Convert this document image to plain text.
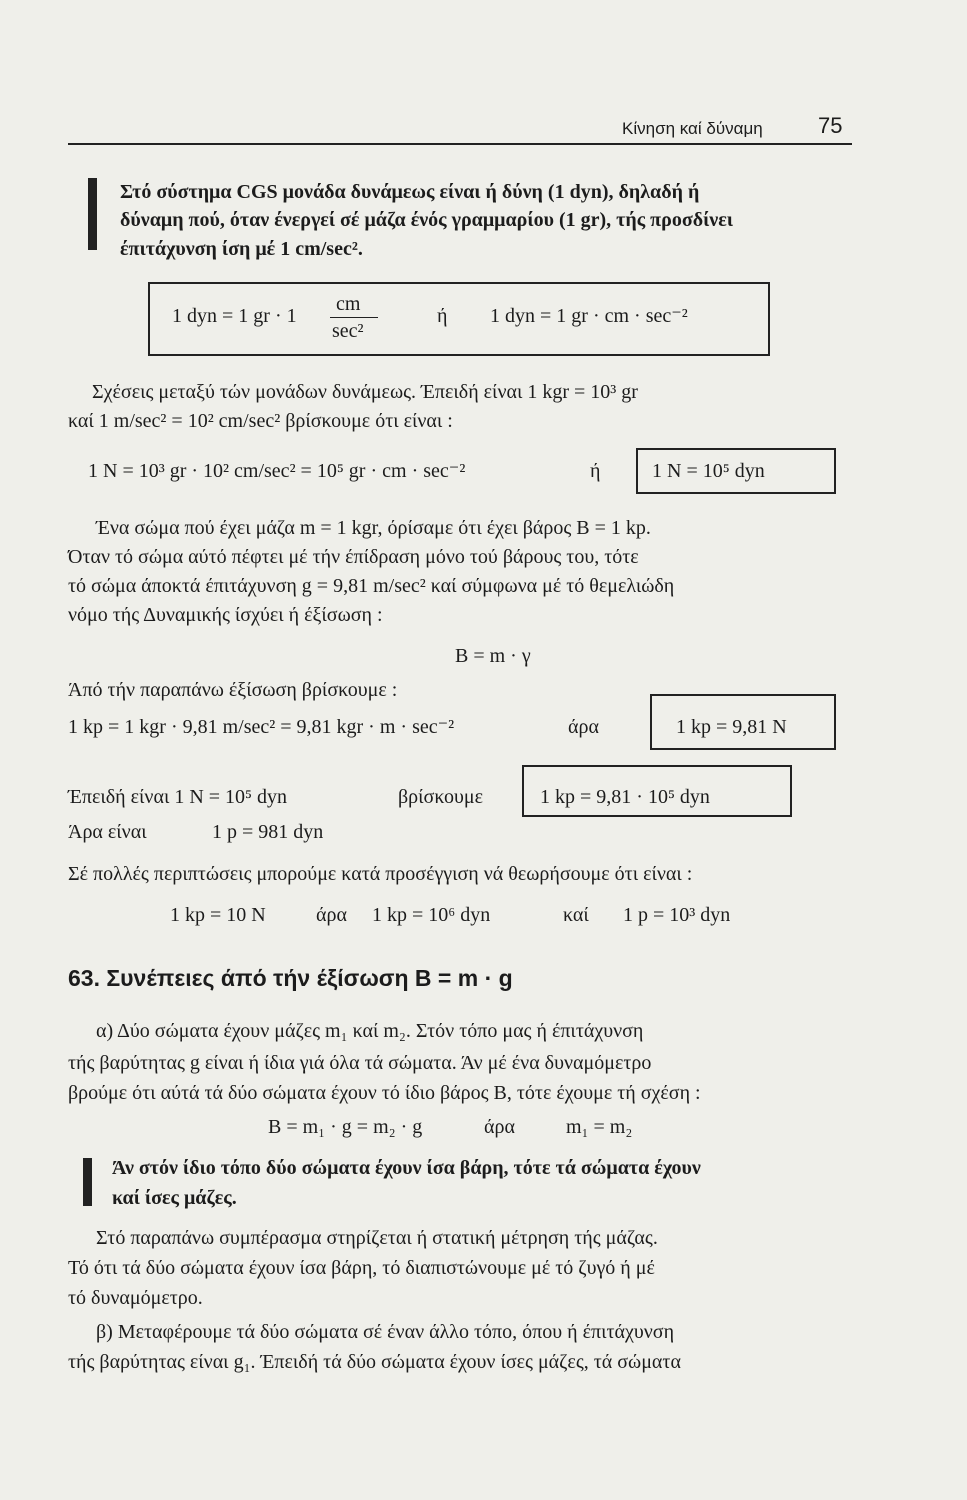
Κίνηση καί δύναμη	75
Στό σύστημα CGS μονάδα δυνάμεως είναι ή δύνη (1 dyn), δηλαδή ή
δύναμη πού, όταν ένεργεί σέ μάζα ένός γραμμαρίου (1 gr), τής προσδίνει
έπιτάχυνση ίση μέ 1 cm/sec².
1 dyn = 1 gr · 1
cm
sec²
ή 1 dyn = 1 gr · cm · sec⁻²
Σχέσεις μεταξύ τών μονάδων δυνάμεως. Έπειδή είναι 1 kgr = 10³ gr
καί 1 m/sec² = 10² cm/sec² βρίσκουμε ότι είναι :
1 N = 10³ gr · 10² cm/sec² = 10⁵ gr · cm · sec⁻²	ή	1 N = 10⁵ dyn
Ένα σώμα πού έχει μάζα m = 1 kgr, όρίσαμε ότι έχει βάρος B = 1 kp.
Όταν τό σώμα αύτό πέφτει μέ τήν έπίδραση μόνο τού βάρους του, τότε
τό σώμα άποκτά έπιτάχυνση g = 9,81 m/sec² καί σύμφωνα μέ τό θεμελιώδη
νόμο τής Δυναμικής ίσχύει ή έξίσωση :
B = m · γ
Άπό τήν παραπάνω έξίσωση βρίσκουμε :
1 kp = 1 kgr · 9,81 m/sec² = 9,81 kgr · m · sec⁻²	άρα	1 kp = 9,81 N
Έπειδή είναι 1 N = 10⁵ dyn	βρίσκουμε	1 kp = 9,81 · 10⁵ dyn
Άρα είναι	1 p = 981 dyn
Σέ πολλές περιπτώσεις μπορούμε κατά προσέγγιση νά θεωρήσουμε ότι είναι :
1 kp = 10 N	άρα 1 kp = 10⁶ dyn	καί 1 p = 10³ dyn
63. Συνέπειες άπό τήν έξίσωση B = m · g
α) Δύο σώματα έχουν μάζες m₁ καί m₂. Στόν τόπο μας ή έπιτάχυνση
τής βαρύτητας g είναι ή ίδια γιά όλα τά σώματα. Άν μέ ένα δυναμόμετρο
βρούμε ότι αύτά τά δύο σώματα έχουν τό ίδιο βάρος B, τότε έχουμε τή σχέση :
B = m₁ · g = m₂ · g	άρα	m₁ = m₂
Άν στόν ίδιο τόπο δύο σώματα έχουν ίσα βάρη, τότε τά σώματα έχουν
καί ίσες μάζες.
Στό παραπάνω συμπέρασμα στηρίζεται ή στατική μέτρηση τής μάζας.
Τό ότι τά δύο σώματα έχουν ίσα βάρη, τό διαπιστώνουμε μέ τό ζυγό ή μέ
τό δυναμόμετρο.
β) Μεταφέρουμε τά δύο σώματα σέ έναν άλλο τόπο, όπου ή έπιτάχυνση
τής βαρύτητας είναι g₁. Έπειδή τά δύο σώματα έχουν ίσες μάζες, τά σώματα
